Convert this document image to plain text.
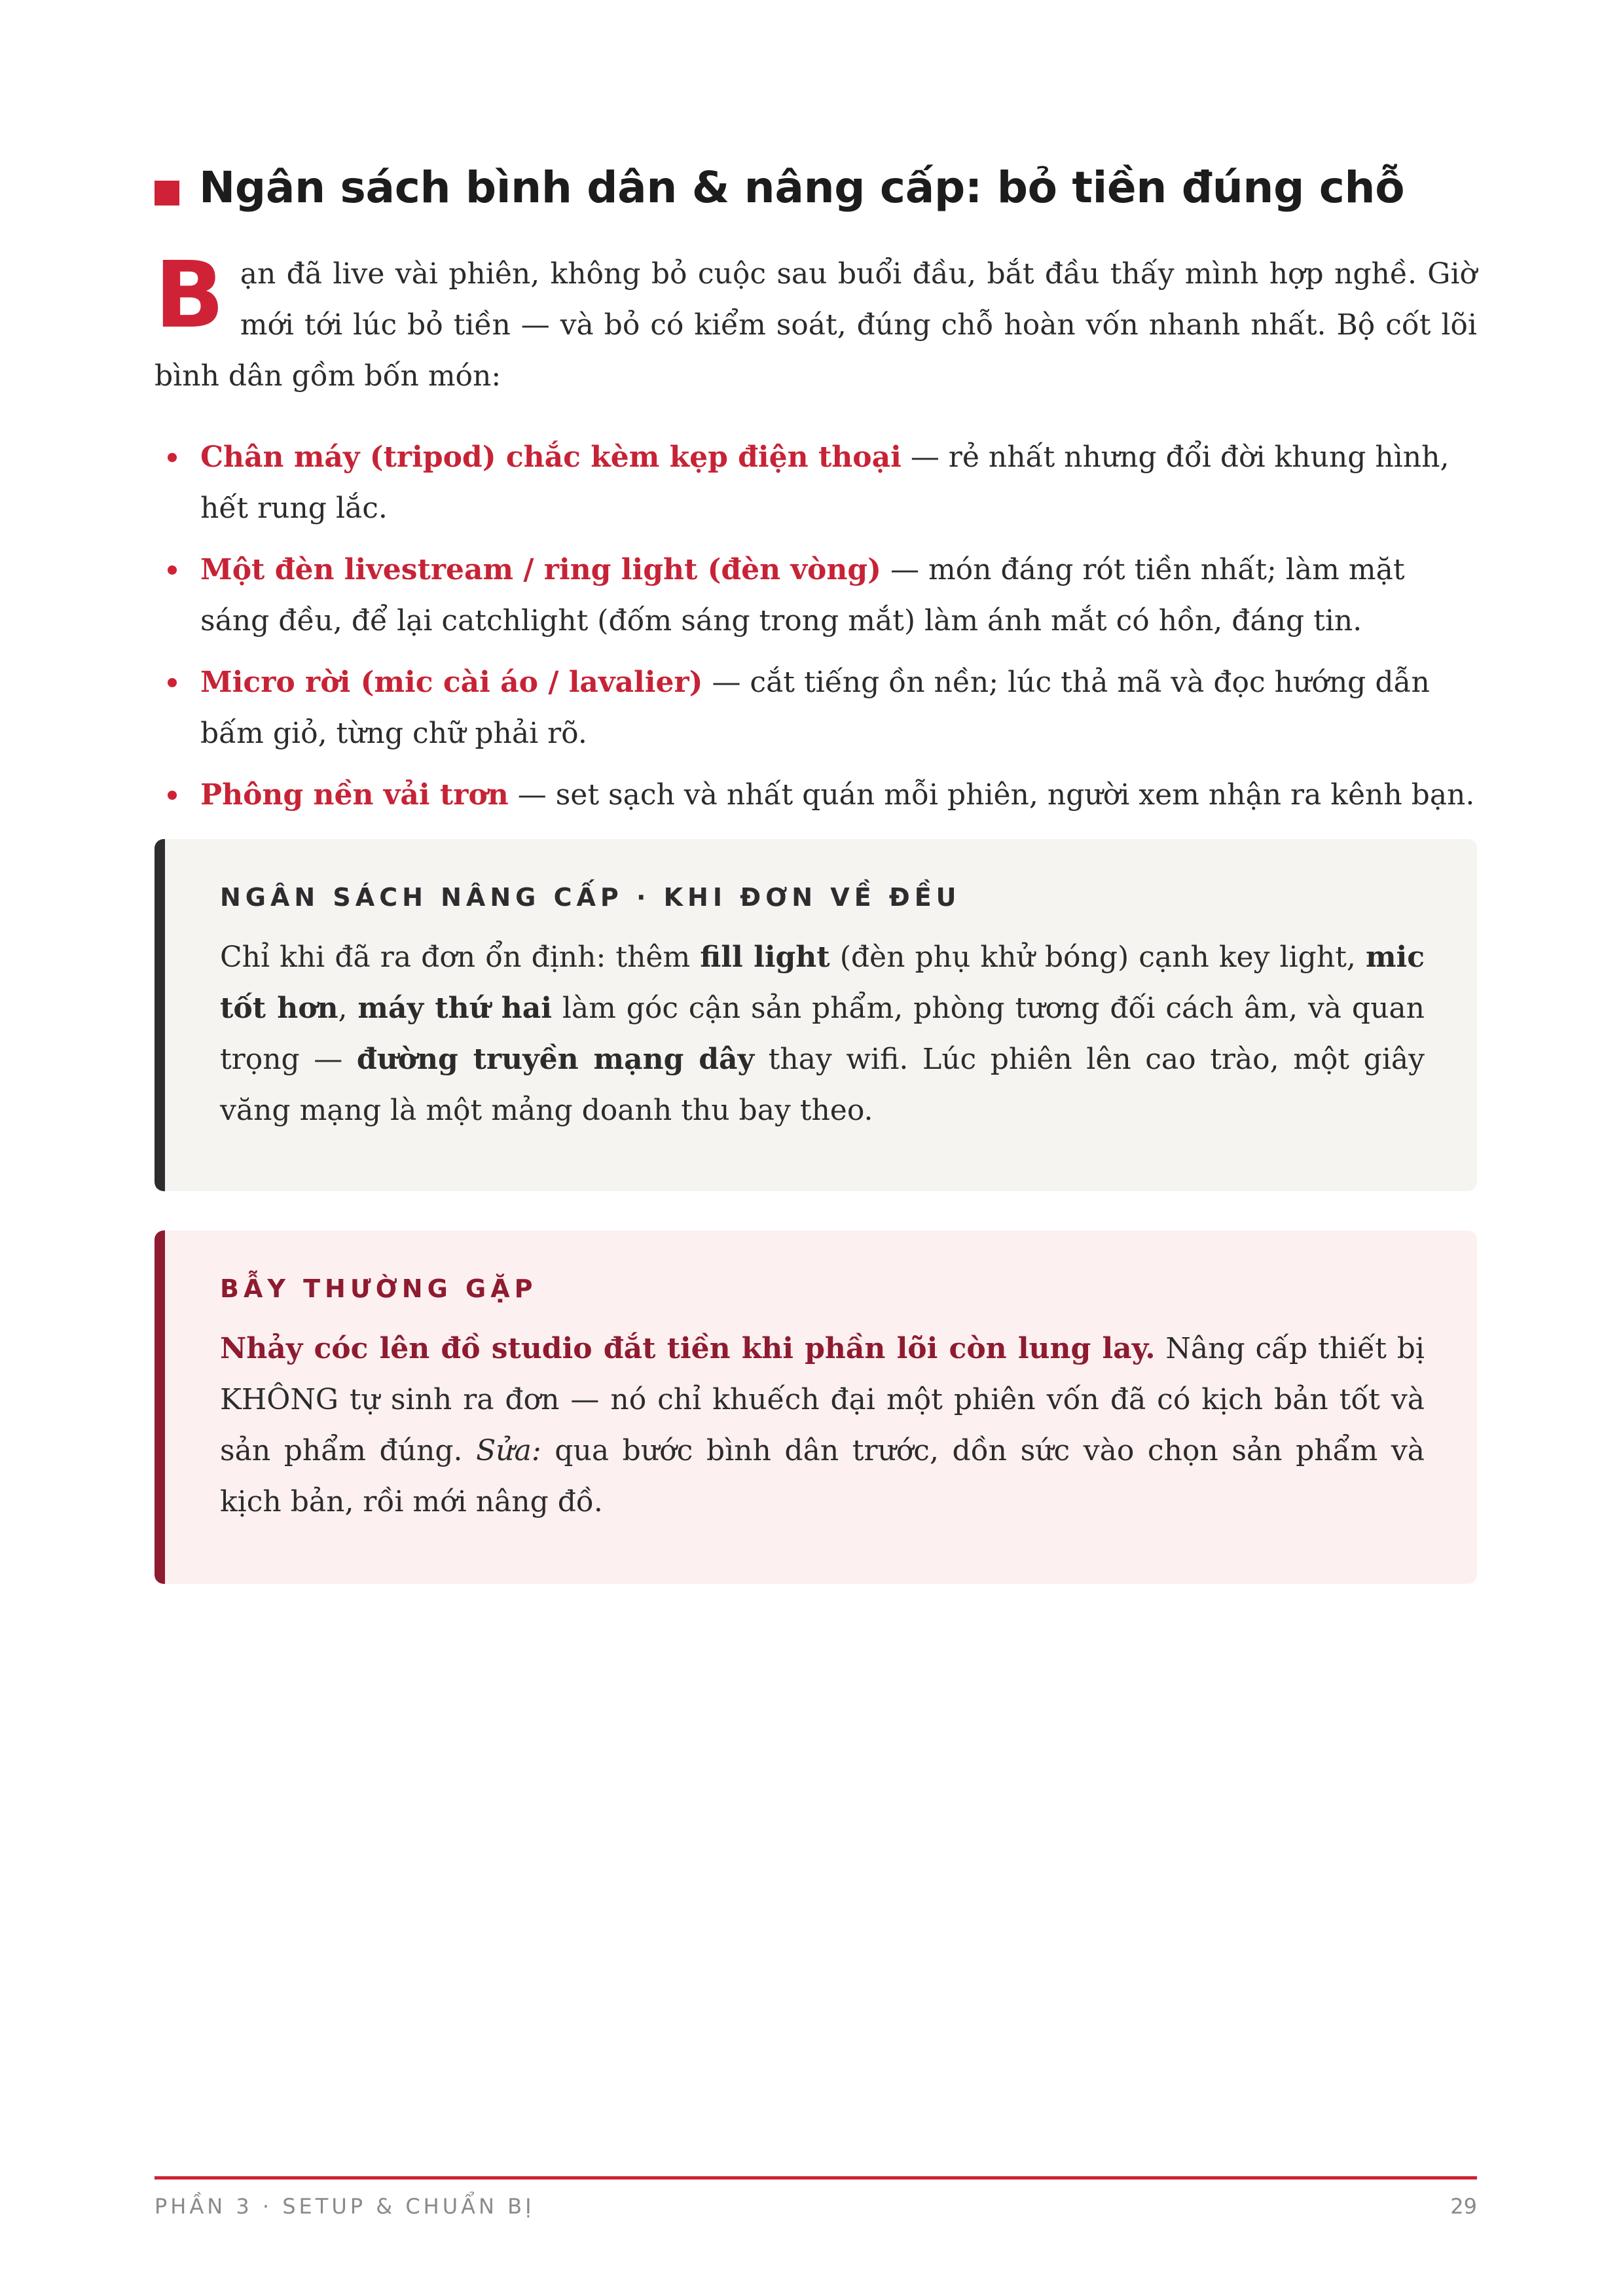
Ngân sách bình dân & nâng cấp: bỏ tiền đúng chỗ
Bạn đã live vài phiên, không bỏ cuộc sau buổi đầu, bắt đầu thấy mình hợp nghề. Giờ mới tới lúc bỏ tiền — và bỏ có kiểm soát, đúng chỗ hoàn vốn nhanh nhất. Bộ cốt lõi bình dân gồm bốn món:
Chân máy (tripod) chắc kèm kẹp điện thoại — rẻ nhất nhưng đổi đời khung hình, hết rung lắc.
Một đèn livestream / ring light (đèn vòng) — món đáng rót tiền nhất; làm mặt sáng đều, để lại catchlight (đốm sáng trong mắt) làm ánh mắt có hồn, đáng tin.
Micro rời (mic cài áo / lavalier) — cắt tiếng ồn nền; lúc thả mã và đọc hướng dẫn bấm giỏ, từng chữ phải rõ.
Phông nền vải trơn — set sạch và nhất quán mỗi phiên, người xem nhận ra kênh bạn.
NGÂN SÁCH NÂNG CẤP · KHI ĐƠN VỀ ĐỀU

Chỉ khi đã ra đơn ổn định: thêm fill light (đèn phụ khử bóng) cạnh key light, mic tốt hơn, máy thứ hai làm góc cận sản phẩm, phòng tương đối cách âm, và quan trọng — đường truyền mạng dây thay wifi. Lúc phiên lên cao trào, một giây văng mạng là một mảng doanh thu bay theo.

BẪY THƯỜNG GẶP

Nhảy cóc lên đồ studio đắt tiền khi phần lõi còn lung lay. Nâng cấp thiết bị KHÔNG tự sinh ra đơn — nó chỉ khuếch đại một phiên vốn đã có kịch bản tốt và sản phẩm đúng. Sửa: qua bước bình dân trước, dồn sức vào chọn sản phẩm và kịch bản, rồi mới nâng đồ.

PHẦN 3 · SETUP & CHUẨN BỊ	29
